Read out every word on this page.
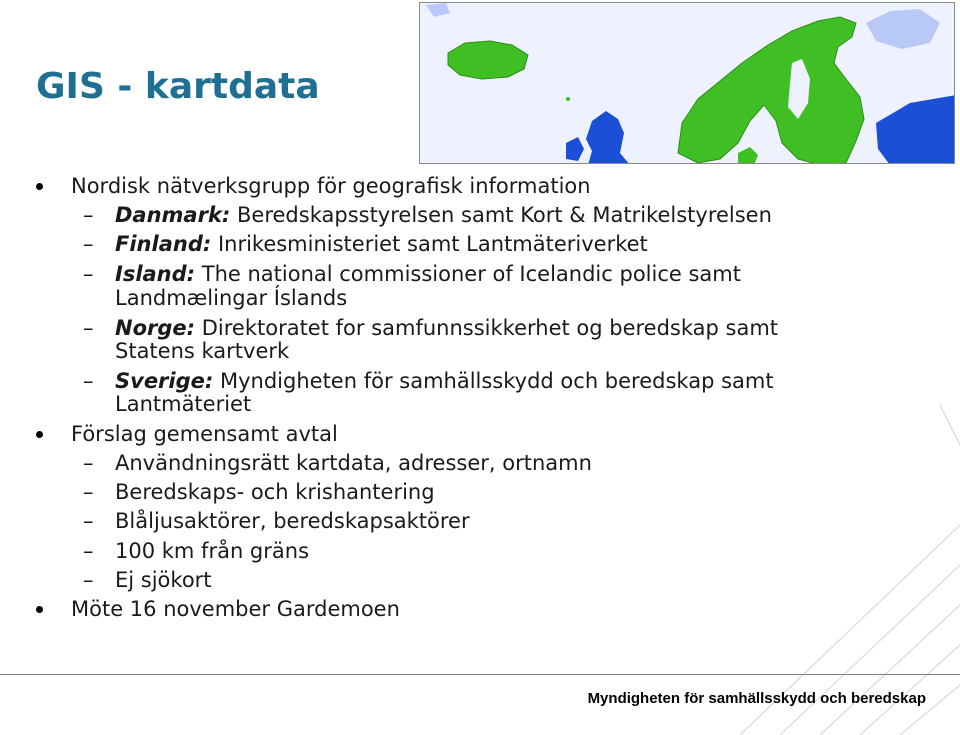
GIS - kartdata
Nordisk nätverksgrupp för geografisk information
– Danmark: Beredskapsstyrelsen samt Kort & Matrikelstyrelsen
– Finland: Inrikesministeriet samt Lantmäteriverket
– Island: The national commissioner of Icelandic police samt
Landmælingar Íslands
– Norge: Direktoratet for samfunnssikkerhet og beredskap samt
Statens kartverk
– Sverige: Myndigheten för samhällsskydd och beredskap samt
Lantmäteriet
Förslag gemensamt avtal
– Användningsrätt kartdata, adresser, ortnamn
– Beredskaps- och krishantering
– Blåljusaktörer, beredskapsaktörer
– 100 km från gräns
– Ej sjökort
Möte 16 november Gardemoen
Myndigheten för samhällsskydd och beredskap
